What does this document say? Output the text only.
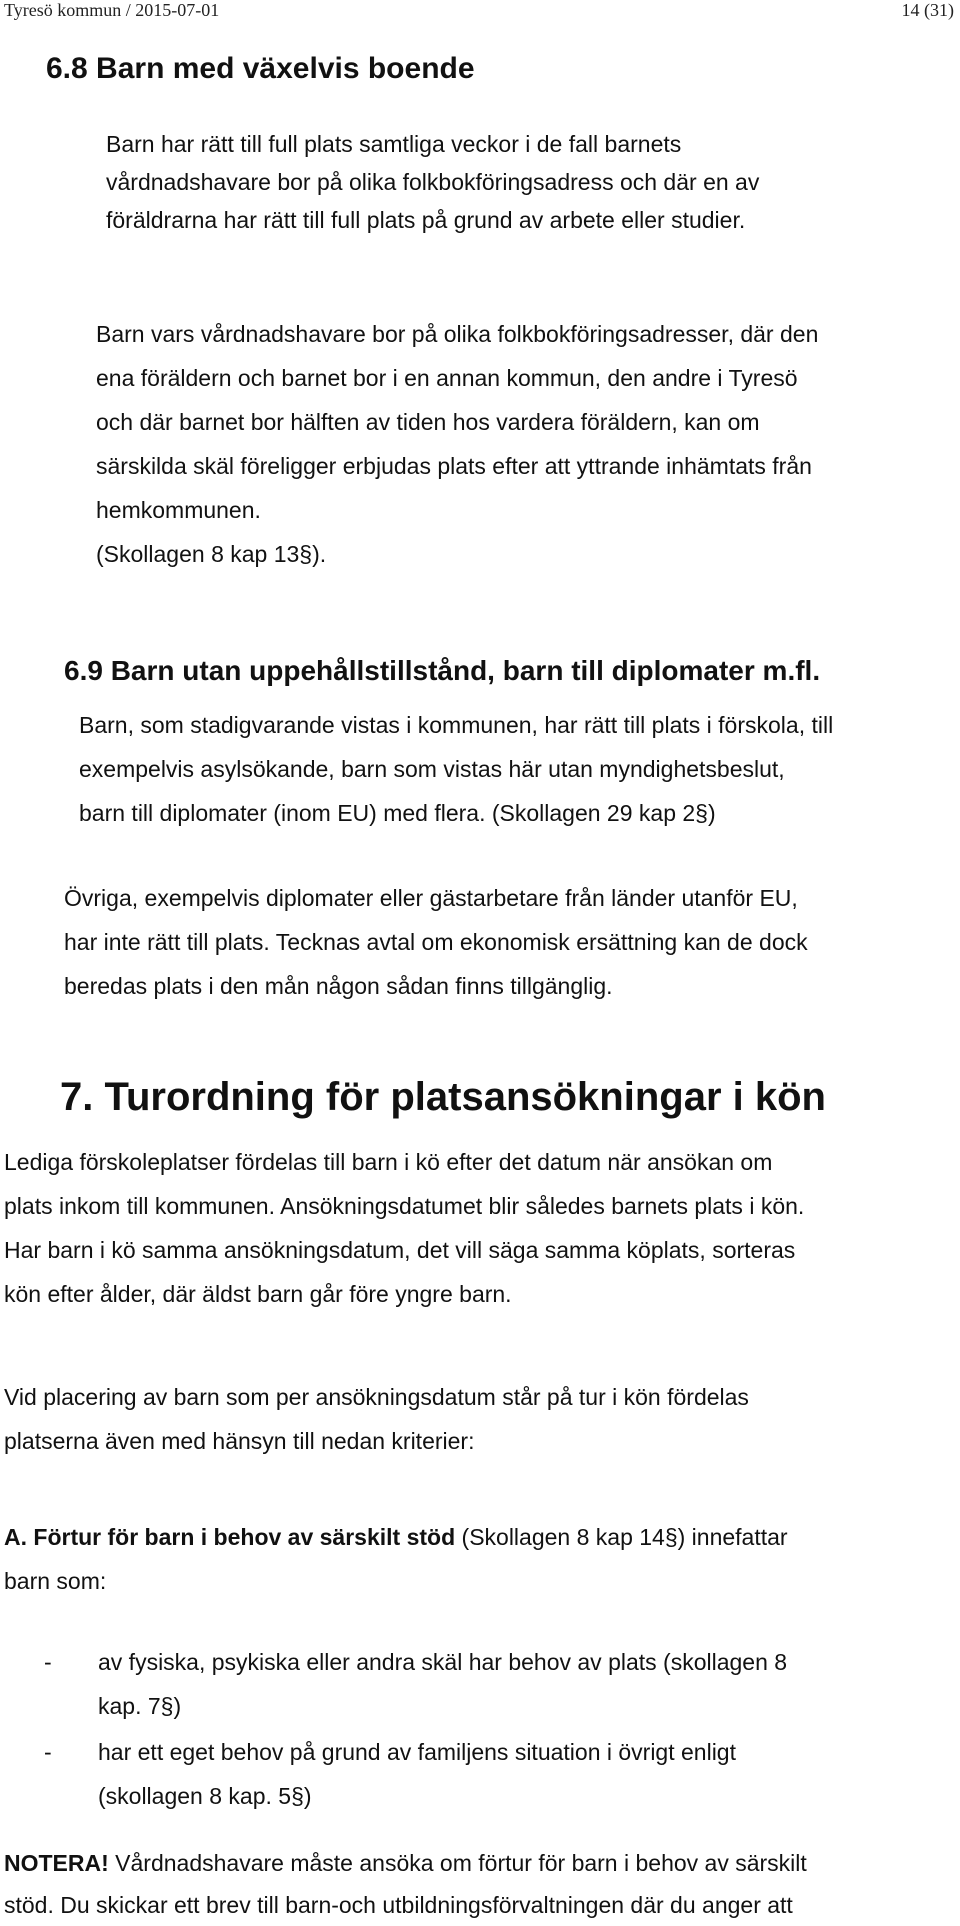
Tyresö kommun / 2015-07-01	14 (31)
6.8 Barn med växelvis boende

Barn har rätt till full plats samtliga veckor i de fall barnets

vårdnadshavare bor på olika folkbokföringsadress och där en av

föräldrarna har rätt till full plats på grund av arbete eller studier.

Barn vars vårdnadshavare bor på olika folkbokföringsadresser, där den

ena föräldern och barnet bor i en annan kommun, den andre i Tyresö

och där barnet bor hälften av tiden hos vardera föräldern, kan om

särskilda skäl föreligger erbjudas plats efter att yttrande inhämtats från

hemkommunen.

(Skollagen 8 kap 13§).

6.9 Barn utan uppehållstillstånd, barn till diplomater m.fl.

Barn, som stadigvarande vistas i kommunen, har rätt till plats i förskola, till

exempelvis asylsökande, barn som vistas här utan myndighetsbeslut,

barn till diplomater (inom EU) med flera. (Skollagen 29 kap 2§)

Övriga, exempelvis diplomater eller gästarbetare från länder utanför EU,

har inte rätt till plats. Tecknas avtal om ekonomisk ersättning kan de dock

beredas plats i den mån någon sådan finns tillgänglig.

7. Turordning för platsansökningar i kön

Lediga förskoleplatser fördelas till barn i kö efter det datum när ansökan om

plats inkom till kommunen. Ansökningsdatumet blir således barnets plats i kön.

Har barn i kö samma ansökningsdatum, det vill säga samma köplats, sorteras

kön efter ålder, där äldst barn går före yngre barn.

Vid placering av barn som per ansökningsdatum står på tur i kön fördelas

platserna även med hänsyn till nedan kriterier:

A. Förtur för barn i behov av särskilt stöd (Skollagen 8 kap 14§) innefattar

barn som:

- av fysiska, psykiska eller andra skäl har behov av plats (skollagen 8

kap. 7§)

- har ett eget behov på grund av familjens situation i övrigt enligt

(skollagen 8 kap. 5§)

NOTERA! Vårdnadshavare måste ansöka om förtur för barn i behov av särskilt

stöd. Du skickar ett brev till barn-och utbildningsförvaltningen där du anger att
